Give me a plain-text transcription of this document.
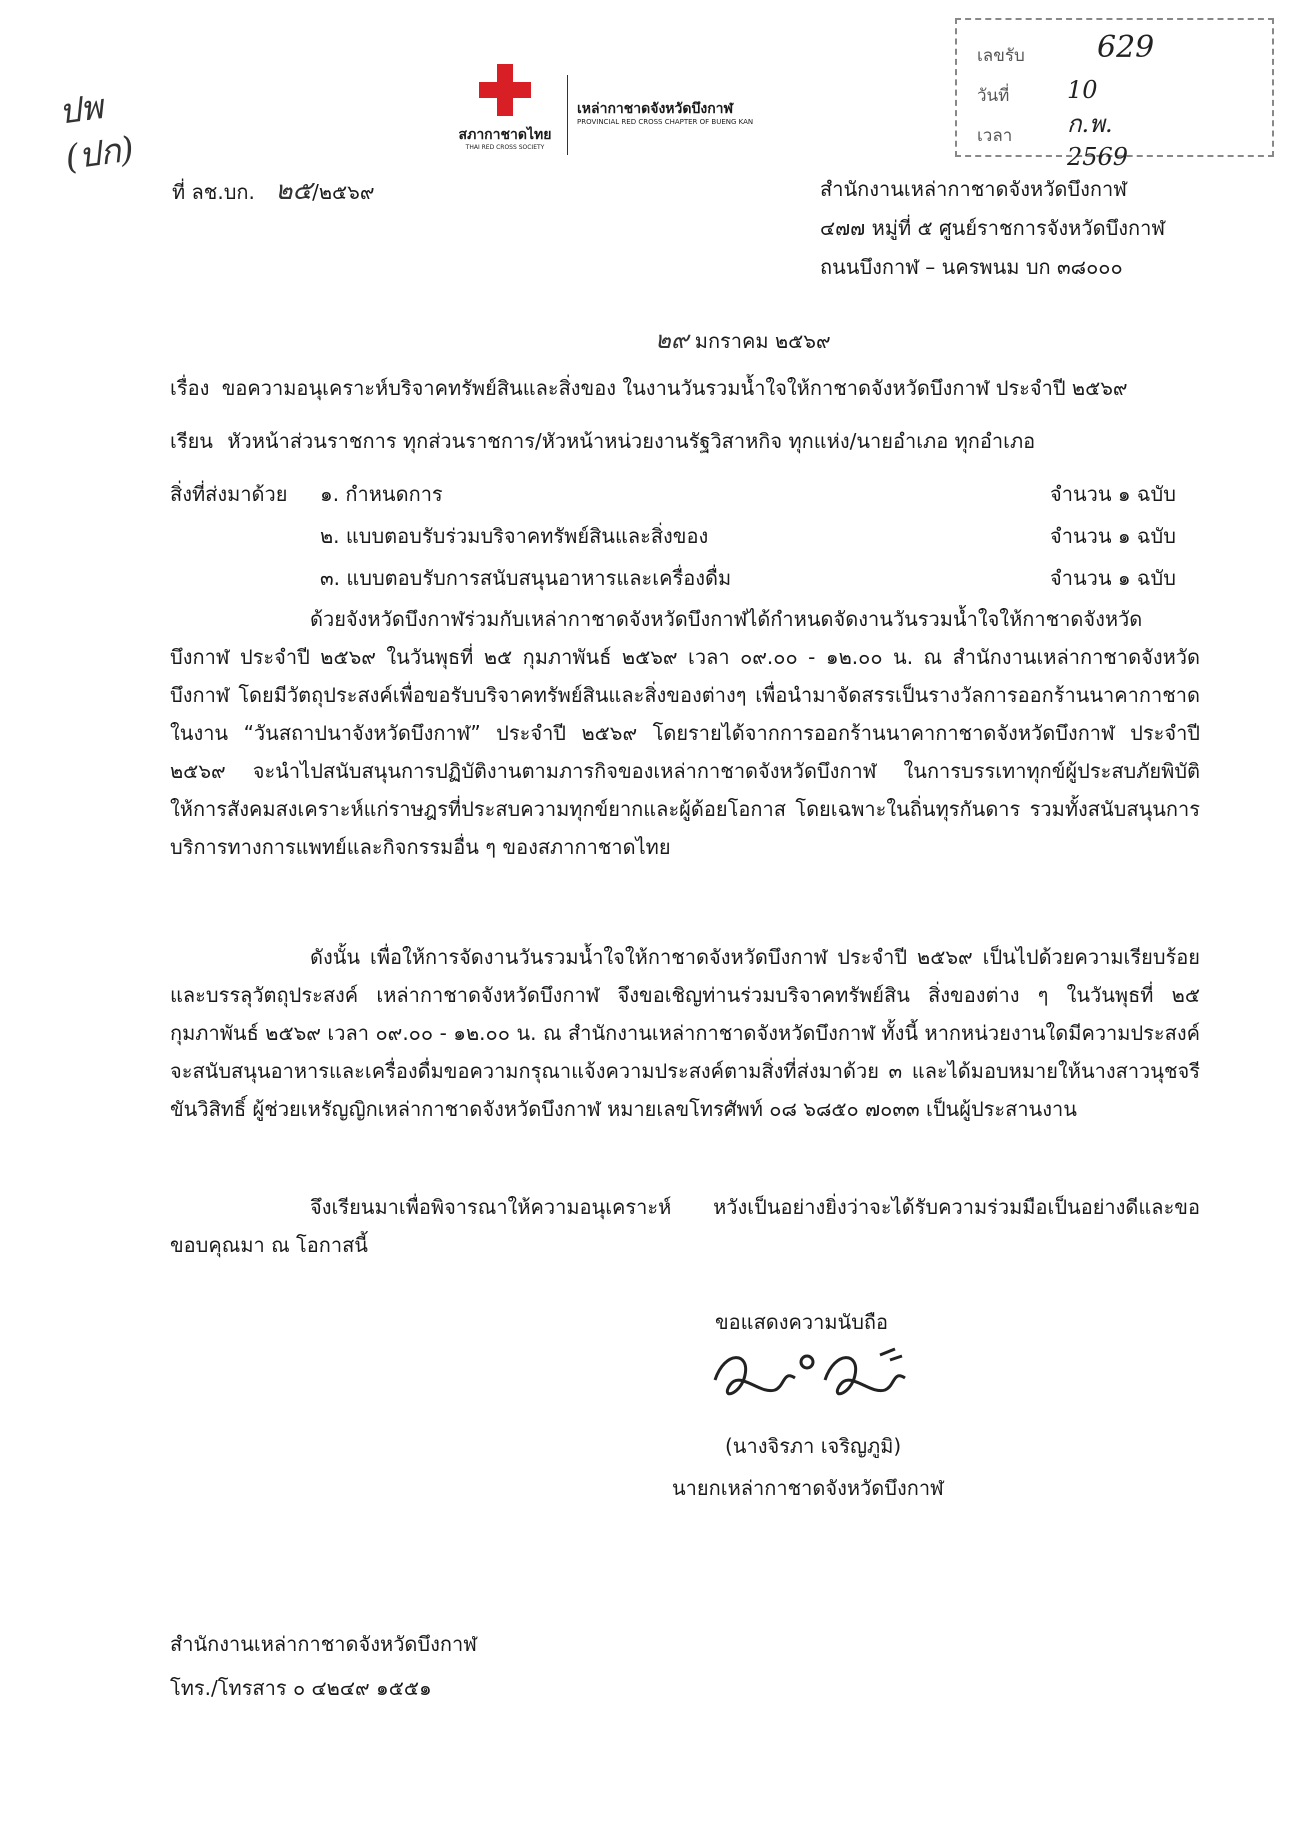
ปพ
(ปก)
เลขรับ 629
วันที่ 10 ก.พ. 2569
เวลา
สภากาชาดไทย
THAI RED CROSS SOCIETY
เหล่ากาชาดจังหวัดบึงกาฬ
PROVINCIAL RED CROSS CHAPTER OF BUENG KAN
ที่ ลช.บก. ๒๕/๒๕๖๙	สำนักงานเหล่ากาชาดจังหวัดบึงกาฬ
๔๗๗ หมู่ที่ ๕ ศูนย์ราชการจังหวัดบึงกาฬ
ถนนบึงกาฬ – นครพนม บก ๓๘๐๐๐
๒๙ มกราคม ๒๕๖๙
เรื่อง ขอความอนุเคราะห์บริจาคทรัพย์สินและสิ่งของ ในงานวันรวมน้ำใจให้กาชาดจังหวัดบึงกาฬ ประจำปี ๒๕๖๙
เรียน หัวหน้าส่วนราชการ ทุกส่วนราชการ/หัวหน้าหน่วยงานรัฐวิสาหกิจ ทุกแห่ง/นายอำเภอ ทุกอำเภอ
สิ่งที่ส่งมาด้วย ๑. กำหนดการ	จำนวน ๑ ฉบับ
๒. แบบตอบรับร่วมบริจาคทรัพย์สินและสิ่งของ	จำนวน ๑ ฉบับ
๓. แบบตอบรับการสนับสนุนอาหารและเครื่องดื่ม	จำนวน ๑ ฉบับ

ด้วยจังหวัดบึงกาฬร่วมกับเหล่ากาชาดจังหวัดบึงกาฬได้กำหนดจัดงานวันรวมน้ำใจให้กาชาดจังหวัดบึงกาฬ ประจำปี ๒๕๖๙ ในวันพุธที่ ๒๕ กุมภาพันธ์ ๒๕๖๙ เวลา ๐๙.๐๐ - ๑๒.๐๐ น. ณ สำนักงานเหล่ากาชาดจังหวัดบึงกาฬ โดยมีวัตถุประสงค์เพื่อขอรับบริจาคทรัพย์สินและสิ่งของต่างๆ เพื่อนำมาจัดสรรเป็นรางวัลการออกร้านนาคากาชาดในงาน “วันสถาปนาจังหวัดบึงกาฬ” ประจำปี ๒๕๖๙ โดยรายได้จากการออกร้านนาคากาชาดจังหวัดบึงกาฬ ประจำปี ๒๕๖๙ จะนำไปสนับสนุนการปฏิบัติงานตามภารกิจของเหล่ากาชาดจังหวัดบึงกาฬ ในการบรรเทาทุกข์ผู้ประสบภัยพิบัติ ให้การสังคมสงเคราะห์แก่ราษฎรที่ประสบความทุกข์ยากและผู้ด้อยโอกาส โดยเฉพาะในถิ่นทุรกันดาร รวมทั้งสนับสนุนการบริการทางการแพทย์และกิจกรรมอื่น ๆ ของสภากาชาดไทย

ดังนั้น เพื่อให้การจัดงานวันรวมน้ำใจให้กาชาดจังหวัดบึงกาฬ ประจำปี ๒๕๖๙ เป็นไปด้วยความเรียบร้อยและบรรลุวัตถุประสงค์ เหล่ากาชาดจังหวัดบึงกาฬ จึงขอเชิญท่านร่วมบริจาคทรัพย์สิน สิ่งของต่าง ๆ ในวันพุธที่ ๒๕ กุมภาพันธ์ ๒๕๖๙ เวลา ๐๙.๐๐ - ๑๒.๐๐ น. ณ สำนักงานเหล่ากาชาดจังหวัดบึงกาฬ ทั้งนี้ หากหน่วยงานใดมีความประสงค์จะสนับสนุนอาหารและเครื่องดื่มขอความกรุณาแจ้งความประสงค์ตามสิ่งที่ส่งมาด้วย ๓ และได้มอบหมายให้นางสาวนุชจรี ขันวิสิทธิ์ ผู้ช่วยเหรัญญิกเหล่ากาชาดจังหวัดบึงกาฬ หมายเลขโทรศัพท์ ๐๘ ๖๘๕๐ ๗๐๓๓ เป็นผู้ประสานงาน

จึงเรียนมาเพื่อพิจารณาให้ความอนุเคราะห์ หวังเป็นอย่างยิ่งว่าจะได้รับความร่วมมือเป็นอย่างดีและขอขอบคุณมา ณ โอกาสนี้

ขอแสดงความนับถือ
(นางจิรภา เจริญภูมิ)
นายกเหล่ากาชาดจังหวัดบึงกาฬ
สำนักงานเหล่ากาชาดจังหวัดบึงกาฬ
โทร./โทรสาร ๐ ๔๒๔๙ ๑๕๕๑
